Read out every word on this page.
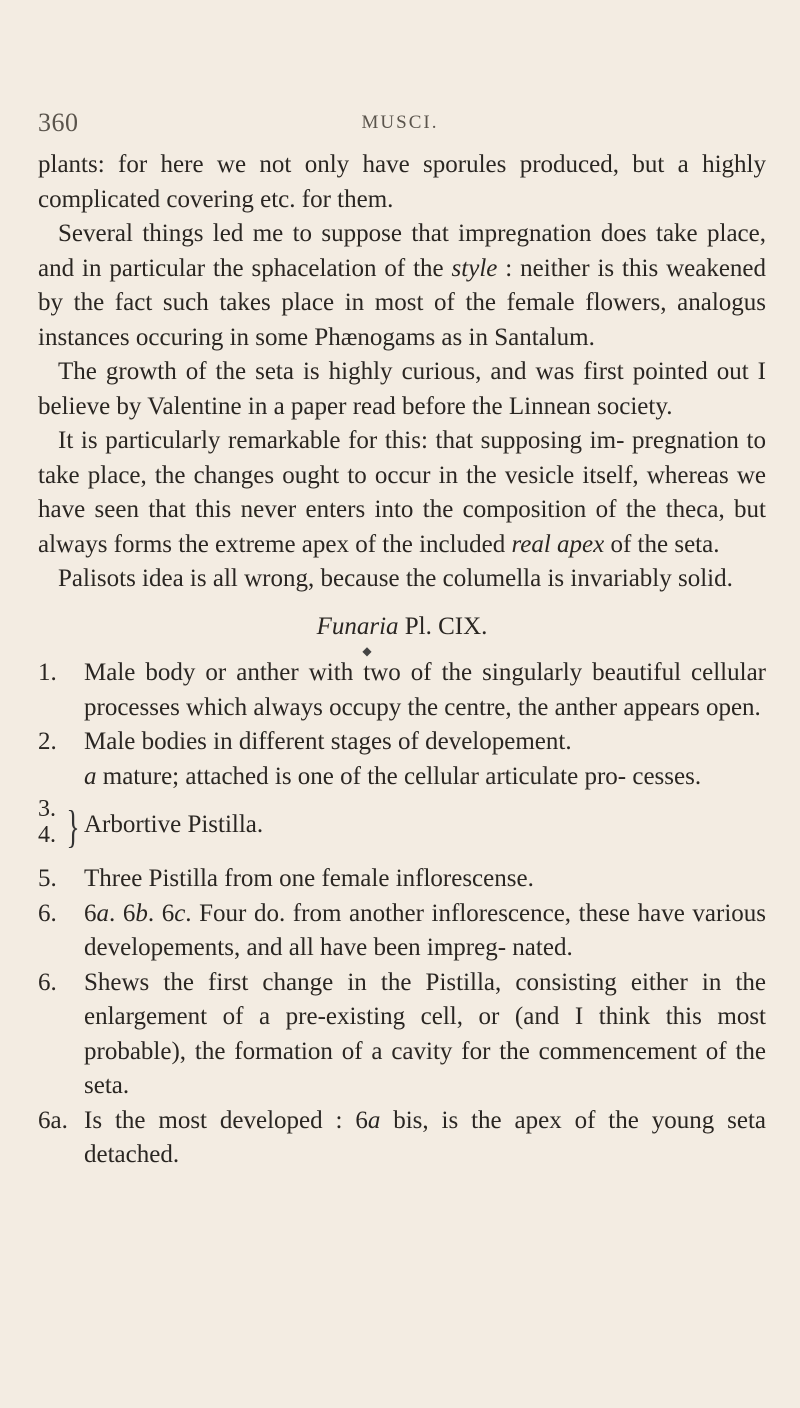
360	MUSCI.

plants: for here we not only have sporules produced, but a highly complicated covering etc. for them.

Several things led me to suppose that impregnation does take place, and in particular the sphacelation of the style : neither is this weakened by the fact such takes place in most of the female flowers, analogus instances occuring in some Phænogams as in Santalum.

The growth of the seta is highly curious, and was first pointed out I believe by Valentine in a paper read before the Linnean society.

It is particularly remarkable for this: that supposing im- pregnation to take place, the changes ought to occur in the vesicle itself, whereas we have seen that this never enters into the composition of the theca, but always forms the extreme apex of the included real apex of the seta.

Palisots idea is all wrong, because the columella is invariably solid.

Funaria Pl. CIX.

◆

1. Male body or anther with two of the singularly beautiful cellular processes which always occupy the centre, the anther appears open.

2. Male bodies in different stages of developement.

a mature; attached is one of the cellular articulate pro- cesses.

3.
4. } Arbortive Pistilla.

5. Three Pistilla from one female inflorescense.

6. 6a. 6b. 6c. Four do. from another inflorescence, these have various developements, and all have been impreg- nated.

6. Shews the first change in the Pistilla, consisting either in the enlargement of a pre-existing cell, or (and I think this most probable), the formation of a cavity for the commencement of the seta.

6a. Is the most developed : 6a bis, is the apex of the young seta detached.
